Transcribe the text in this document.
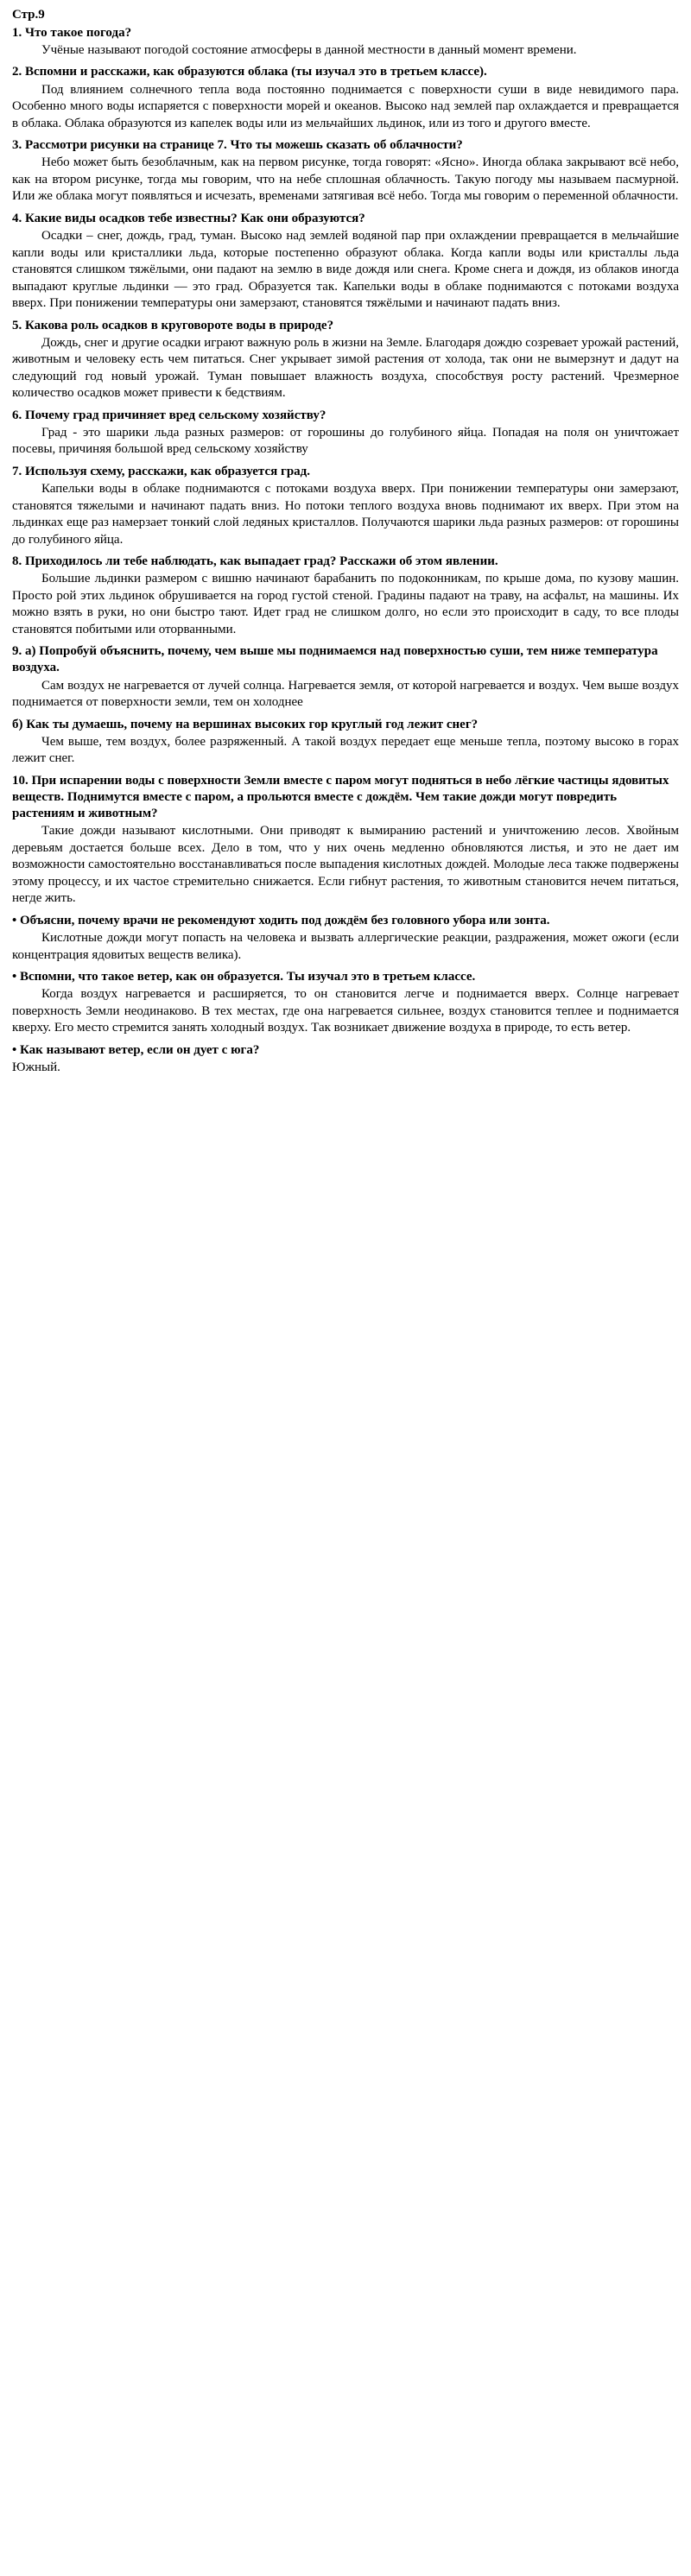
Стр.9

1. Что такое погода?

Учёные называют погодой состояние атмосферы в данной местности в данный момент времени.

2. Вспомни и расскажи, как образуются облака (ты изучал это в третьем классе).

Под влиянием солнечного тепла вода постоянно поднимается с поверхности суши в виде невидимого пара. Особенно много воды испаряется с поверхности морей и океанов. Высоко над землей пар охлаждается и превращается в облака. Облака образуются из капелек воды или из мельчайших льдинок, или из того и другого вместе.

3. Рассмотри рисунки на странице 7. Что ты можешь сказать об облачности?

Небо может быть безоблачным, как на первом рисунке, тогда говорят: «Ясно». Иногда облака закрывают всё небо, как на втором рисунке, тогда мы говорим, что на небе сплошная облачность. Такую погоду мы называем пасмурной. Или же облака могут появляться и исчезать, временами затягивая всё небо. Тогда мы говорим о переменной облачности.

4. Какие виды осадков тебе известны? Как они образуются?

Осадки – снег, дождь, град, туман. Высоко над землей водяной пар при охлаждении превращается в мельчайшие капли воды или кристаллики льда, которые постепенно образуют облака. Когда капли воды или кристаллы льда становятся слишком тяжёлыми, они падают на землю в виде дождя или снега. Кроме снега и дождя, из облаков иногда выпадают круглые льдинки — это град. Образуется так. Капельки воды в облаке поднимаются с потоками воздуха вверх. При понижении температуры они замерзают, становятся тяжёлыми и начинают падать вниз.

5. Какова роль осадков в круговороте воды в природе?

Дождь, снег и другие осадки играют важную роль в жизни на Земле. Благодаря дождю созревает урожай растений, животным и человеку есть чем питаться. Снег укрывает зимой растения от холода, так они не вымерзнут и дадут на следующий год новый урожай. Туман повышает влажность воздуха, способствуя росту растений. Чрезмерное количество осадков может привести к бедствиям.

6. Почему град причиняет вред сельскому хозяйству?

Град - это шарики льда разных размеров: от горошины до голубиного яйца. Попадая на поля он уничтожает посевы, причиняя большой вред сельскому хозяйству

7. Используя схему, расскажи, как образуется град.

Капельки воды в облаке поднимаются с потоками воздуха вверх. При понижении температуры они замерзают, становятся тяжелыми и начинают падать вниз. Но потоки теплого воздуха вновь поднимают их вверх. При этом на льдинках еще раз намерзает тонкий слой ледяных кристаллов. Получаются шарики льда разных размеров: от горошины до голубиного яйца.

8. Приходилось ли тебе наблюдать, как выпадает град? Расскажи об этом явлении.

Большие льдинки размером с вишню начинают барабанить по подоконникам, по крыше дома, по кузову машин. Просто рой этих льдинок обрушивается на город густой стеной. Градины падают на траву, на асфальт, на машины. Их можно взять в руки, но они быстро тают. Идет град не слишком долго, но если это происходит в саду, то все плоды становятся побитыми или оторванными.

9. а) Попробуй объяснить, почему, чем выше мы поднимаемся над поверхностью суши, тем ниже температура воздуха.

Сам воздух не нагревается от лучей солнца. Нагревается земля, от которой нагревается и воздух. Чем выше воздух поднимается от поверхности земли, тем он холоднее

б) Как ты думаешь, почему на вершинах высоких гор круглый год лежит снег?

Чем выше, тем воздух, более разряженный. А такой воздух передает еще меньше тепла, поэтому высоко в горах лежит снег.

10. При испарении воды с поверхности Земли вместе с паром могут подняться в небо лёгкие частицы ядовитых веществ. Поднимутся вместе с паром, а прольются вместе с дождём. Чем такие дожди могут повредить растениям и животным?

Такие дожди называют кислотными. Они приводят к вымиранию растений и уничтожению лесов. Хвойным деревьям достается больше всех. Дело в том, что у них очень медленно обновляются листья, и это не дает им возможности самостоятельно восстанавливаться после выпадения кислотных дождей. Молодые леса также подвержены этому процессу, и их частое стремительно снижается. Если гибнут растения, то животным становится нечем питаться, негде жить.

• Объясни, почему врачи не рекомендуют ходить под дождём без головного убора или зонта.

Кислотные дожди могут попасть на человека и вызвать аллергические реакции, раздражения, может ожоги (если концентрация ядовитых веществ велика).

• Вспомни, что такое ветер, как он образуется. Ты изучал это в третьем классе.

Когда воздух нагревается и расширяется, то он становится легче и поднимается вверх. Солнце нагревает поверхность Земли неодинаково. В тех местах, где она нагревается сильнее, воздух становится теплее и поднимается кверху. Его место стремится занять холодный воздух. Так возникает движение воздуха в природе, то есть ветер.

• Как называют ветер, если он дует с юга?

Южный.
